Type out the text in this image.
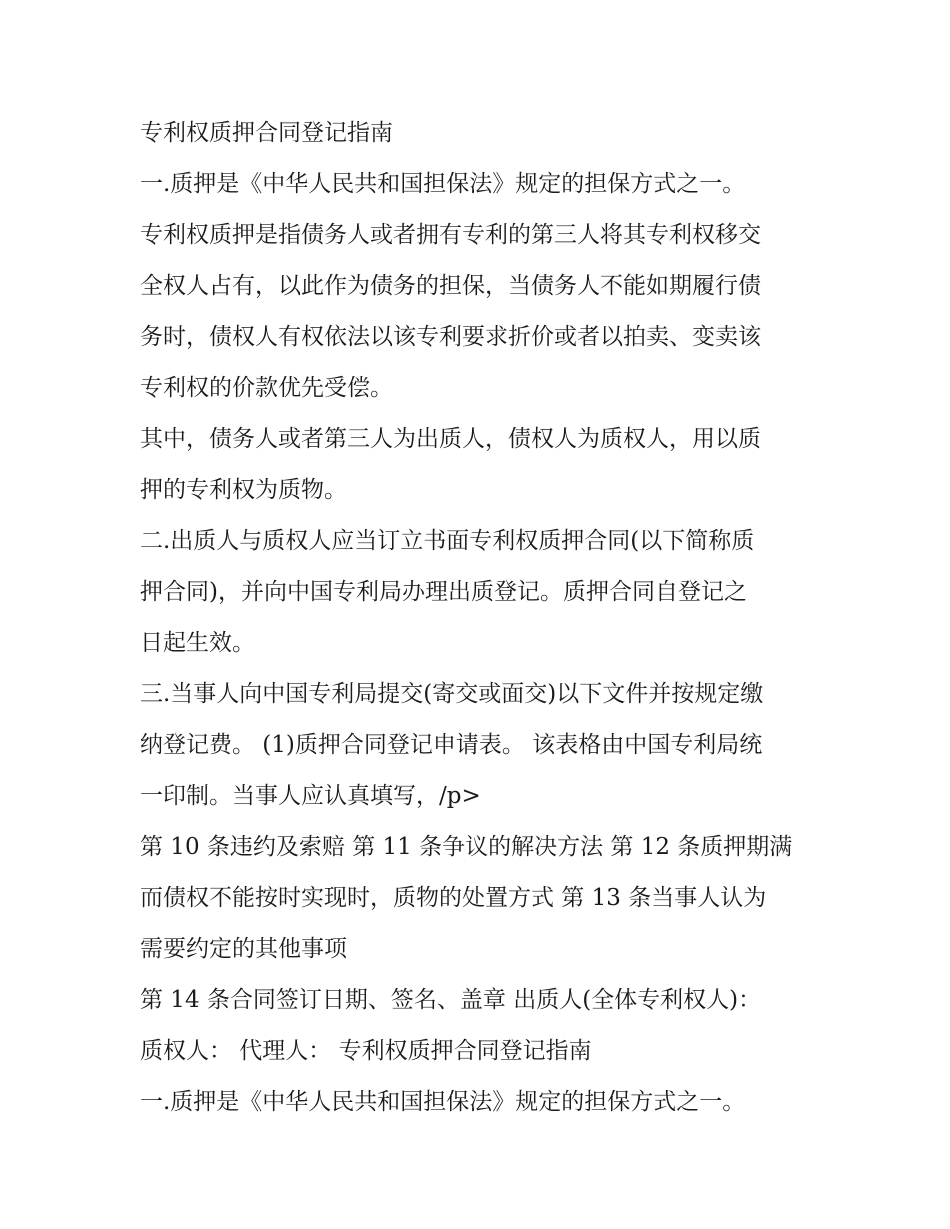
专利权质押合同登记指南
一.质押是《中华人民共和国担保法》规定的担保方式之一。
专利权质押是指债务人或者拥有专利的第三人将其专利权移交
全权人占有，以此作为债务的担保，当债务人不能如期履行债
务时，债权人有权依法以该专利要求折价或者以拍卖、变卖该
专利权的价款优先受偿。
其中，债务人或者第三人为出质人，债权人为质权人，用以质
押的专利权为质物。
二.出质人与质权人应当订立书面专利权质押合同(以下简称质
押合同)，并向中国专利局办理出质登记。质押合同自登记之
日起生效。
三.当事人向中国专利局提交(寄交或面交)以下文件并按规定缴
纳登记费。 (1)质押合同登记申请表。 该表格由中国专利局统
一印制。当事人应认真填写，/p>
第 10 条违约及索赔 第 11 条争议的解决方法 第 12 条质押期满
而债权不能按时实现时，质物的处置方式 第 13 条当事人认为
需要约定的其他事项
第 14 条合同签订日期、签名、盖章 出质人(全体专利权人)：
质权人： 代理人： 专利权质押合同登记指南
一.质押是《中华人民共和国担保法》规定的担保方式之一。
